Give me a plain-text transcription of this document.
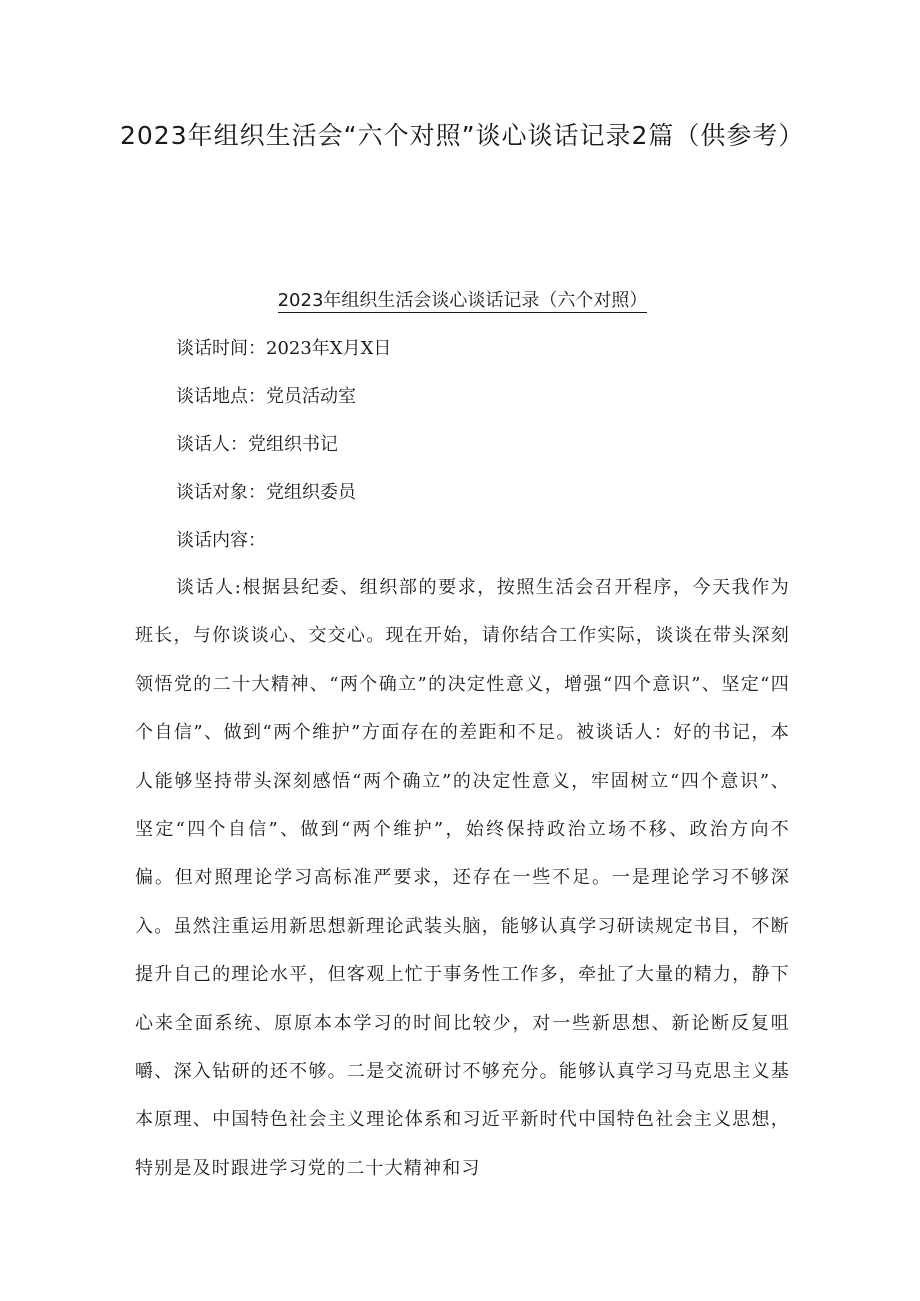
2023年组织生活会“六个对照”谈心谈话记录2篇（供参考）
2023年组织生活会谈心谈话记录（六个对照）

谈话时间：2023年X月X日

谈话地点：党员活动室

谈话人：党组织书记

谈话对象：党组织委员

谈话内容：

谈话人:根据县纪委、组织部的要求，按照生活会召开程序，今天我作为班长，与你谈谈心、交交心。现在开始，请你结合工作实际，谈谈在带头深刻领悟党的二十大精神、“两个确立”的决定性意义，增强“四个意识”、坚定“四个自信”、做到“两个维护”方面存在的差距和不足。被谈话人：好的书记，本人能够坚持带头深刻感悟“两个确立”的决定性意义，牢固树立“四个意识”、坚定“四个自信”、做到“两个维护”，始终保持政治立场不移、政治方向不偏。但对照理论学习高标准严要求，还存在一些不足。一是理论学习不够深入。虽然注重运用新思想新理论武装头脑，能够认真学习研读规定书目，不断提升自己的理论水平，但客观上忙于事务性工作多，牵扯了大量的精力，静下心来全面系统、原原本本学习的时间比较少，对一些新思想、新论断反复咀嚼、深入钻研的还不够。二是交流研讨不够充分。能够认真学习马克思主义基本原理、中国特色社会主义理论体系和习近平新时代中国特色社会主义思想，特别是及时跟进学习党的二十大精神和习
